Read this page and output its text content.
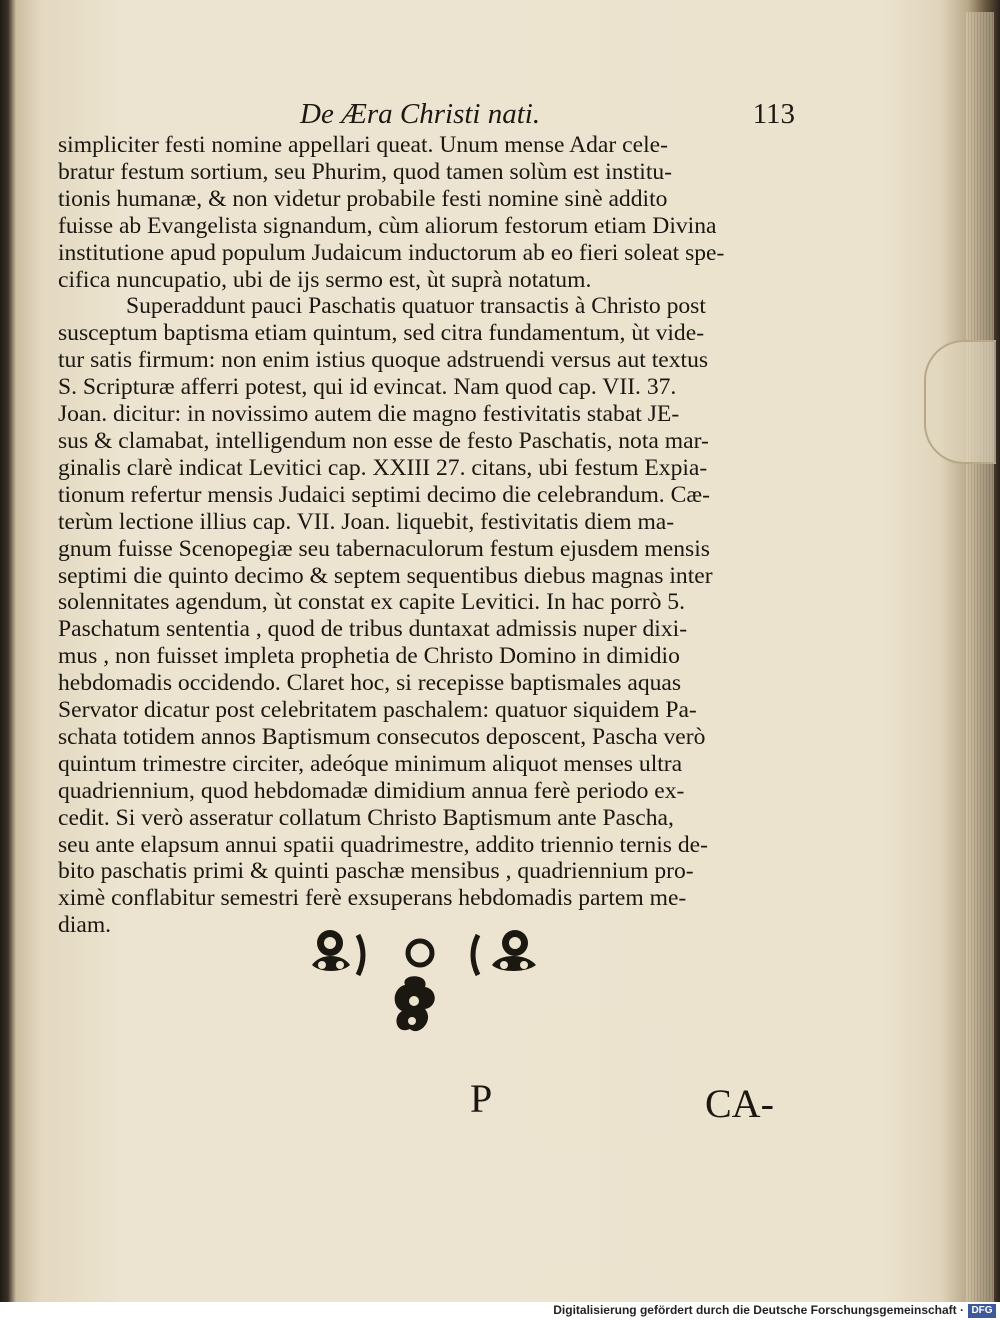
De Æra Christi nati.	113
simpliciter festi nomine appellari queat. Unum mense Adar cele-
bratur festum sortium, seu Phurim, quod tamen solùm est institu-
tionis humanæ, & non videtur probabile festi nomine sinè addito
fuisse ab Evangelista signandum, cùm aliorum festorum etiam Divina
institutione apud populum Judaicum inductorum ab eo fieri soleat spe-
cifica nuncupatio, ubi de ijs sermo est, ùt suprà notatum.
Superaddunt pauci Paschatis quatuor transactis à Christo post
susceptum baptisma etiam quintum, sed citra fundamentum, ùt vide-
tur satis firmum: non enim istius quoque adstruendi versus aut textus
S. Scripturæ afferri potest, qui id evincat. Nam quod cap. VII. 37.
Joan. dicitur: in novissimo autem die magno festivitatis stabat JE-
sus & clamabat, intelligendum non esse de festo Paschatis, nota mar-
ginalis clarè indicat Levitici cap. XXIII 27. citans, ubi festum Expia-
tionum refertur mensis Judaici septimi decimo die celebrandum. Cæ-
terùm lectione illius cap. VII. Joan. liquebit, festivitatis diem ma-
gnum fuisse Scenopegiæ seu tabernaculorum festum ejusdem mensis
septimi die quinto decimo & septem sequentibus diebus magnas inter
solennitates agendum, ùt constat ex capite Levitici. In hac porrò 5.
Paschatum sententia , quod de tribus duntaxat admissis nuper dixi-
mus , non fuisset impleta prophetia de Christo Domino in dimidio
hebdomadis occidendo. Claret hoc, si recepisse baptismales aquas
Servator dicatur post celebritatem paschalem: quatuor siquidem Pa-
schata totidem annos Baptismum consecutos deposcent, Pascha verò
quintum trimestre circiter, adeóque minimum aliquot menses ultra
quadriennium, quod hebdomadæ dimidium annua ferè periodo ex-
cedit. Si verò asseratur collatum Christo Baptismum ante Pascha,
seu ante elapsum annui spatii quadrimestre, addito triennio ternis de-
bito paschatis primi & quinti paschæ mensibus , quadriennium pro-
ximè conflabitur semestri ferè exsuperans hebdomadis partem me-
diam.
P	CA-
Digitalisierung gefördert durch die Deutsche Forschungsgemeinschaft · DFG
